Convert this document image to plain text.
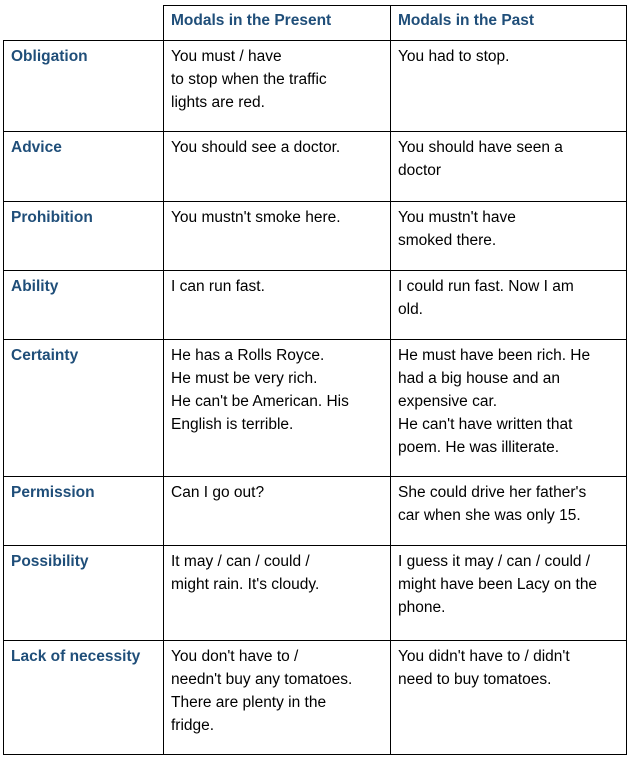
	Modals in the Present	Modals in the Past
Obligation	You must / have
to stop when the traffic
lights are red.	You had to stop.
Advice	You should see a doctor.	You should have seen a
doctor
Prohibition	You mustn't smoke here.	You mustn't have
smoked there.
Ability	I can run fast.	I could run fast. Now I am
old.
Certainty	He has a Rolls Royce.
He must be very rich.
He can't be American. His
English is terrible.	He must have been rich. He
had a big house and an
expensive car.
He can't have written that
poem. He was illiterate.
Permission	Can I go out?	She could drive her father's
car when she was only 15.
Possibility	It may / can / could /
might rain. It's cloudy.	I guess it may / can / could /
might have been Lacy on the
phone.
Lack of necessity	You don't have to /
needn't buy any tomatoes.
There are plenty in the
fridge.	You didn't have to / didn't
need to buy tomatoes.
